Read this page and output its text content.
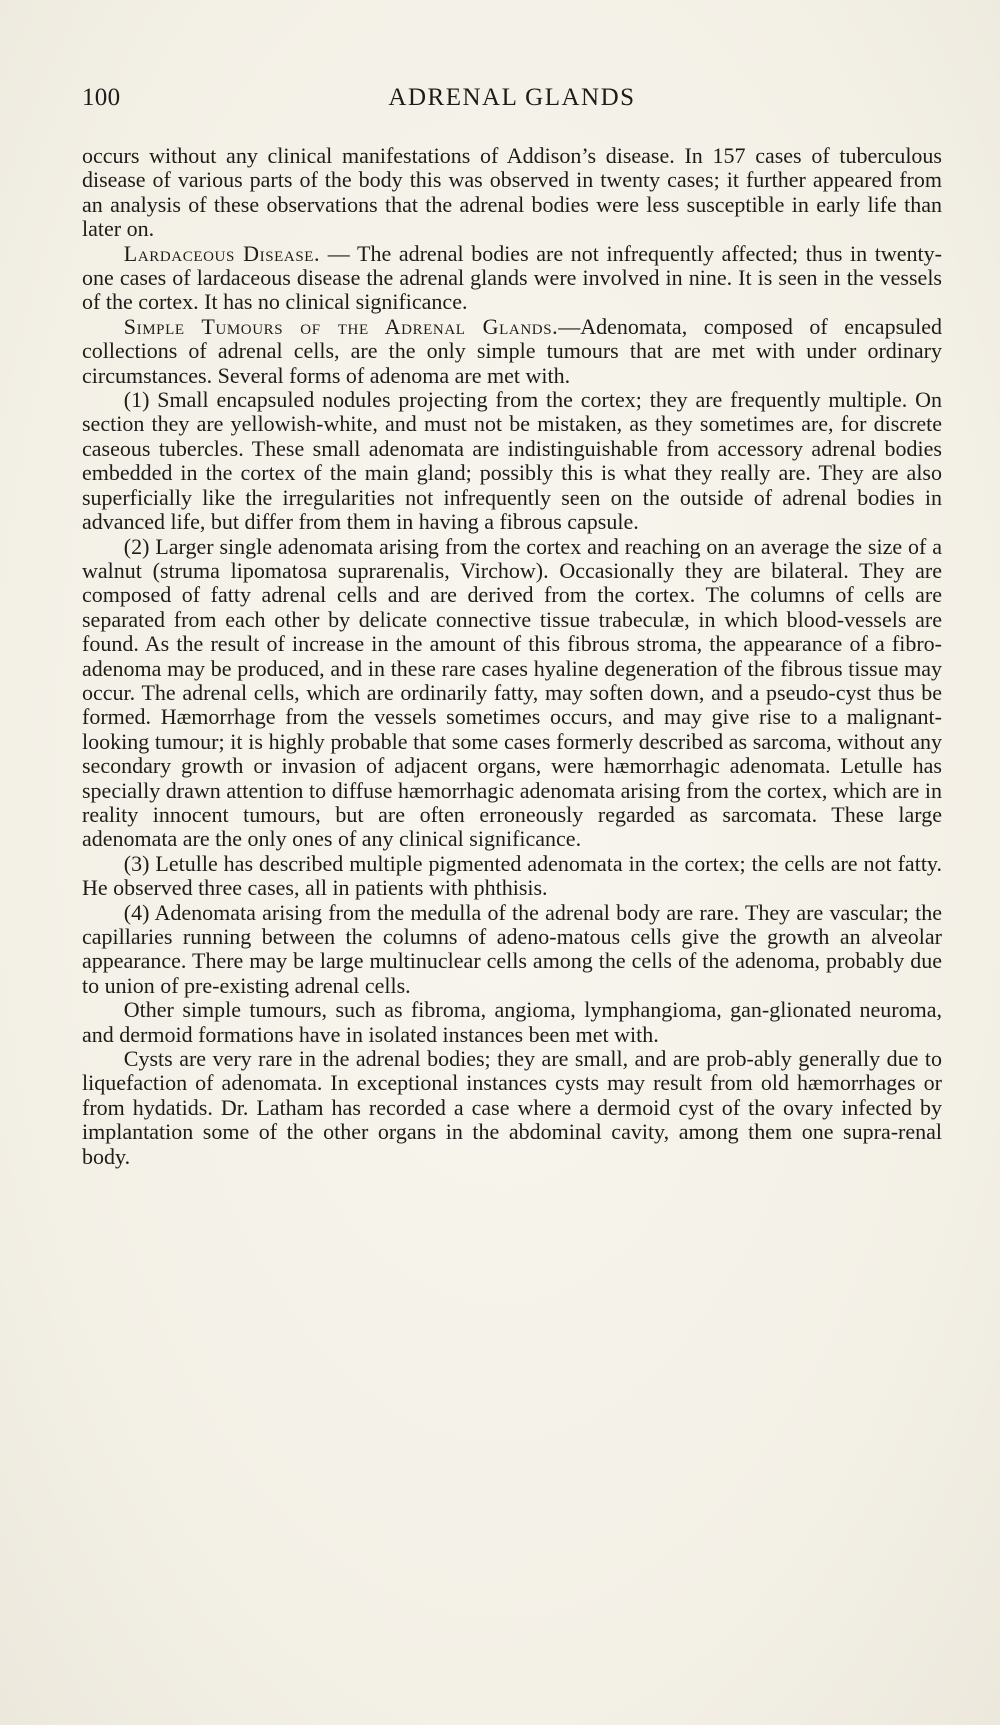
100	ADRENAL GLANDS

occurs without any clinical manifestations of Addison’s disease. In 157 cases of tuberculous disease of various parts of the body this was observed in twenty cases; it further appeared from an analysis of these observations that the adrenal bodies were less susceptible in early life than later on.

Lardaceous Disease. — The adrenal bodies are not infrequently affected; thus in twenty-one cases of lardaceous disease the adrenal glands were involved in nine. It is seen in the vessels of the cortex. It has no clinical significance.

Simple Tumours of the Adrenal Glands.—Adenomata, composed of encapsuled collections of adrenal cells, are the only simple tumours that are met with under ordinary circumstances. Several forms of adenoma are met with.

(1) Small encapsuled nodules projecting from the cortex; they are frequently multiple. On section they are yellowish-white, and must not be mistaken, as they sometimes are, for discrete caseous tubercles. These small adenomata are indistinguishable from accessory adrenal bodies embedded in the cortex of the main gland; possibly this is what they really are. They are also superficially like the irregularities not infrequently seen on the outside of adrenal bodies in advanced life, but differ from them in having a fibrous capsule.

(2) Larger single adenomata arising from the cortex and reaching on an average the size of a walnut (struma lipomatosa suprarenalis, Virchow). Occasionally they are bilateral. They are composed of fatty adrenal cells and are derived from the cortex. The columns of cells are separated from each other by delicate connective tissue trabeculæ, in which blood-vessels are found. As the result of increase in the amount of this fibrous stroma, the appearance of a fibro-adenoma may be produced, and in these rare cases hyaline degeneration of the fibrous tissue may occur. The adrenal cells, which are ordinarily fatty, may soften down, and a pseudo-cyst thus be formed. Hæmorrhage from the vessels sometimes occurs, and may give rise to a malignant-looking tumour; it is highly probable that some cases formerly described as sarcoma, without any secondary growth or invasion of adjacent organs, were hæmorrhagic adenomata. Letulle has specially drawn attention to diffuse hæmorrhagic adenomata arising from the cortex, which are in reality innocent tumours, but are often erroneously regarded as sarcomata. These large adenomata are the only ones of any clinical significance.

(3) Letulle has described multiple pigmented adenomata in the cortex; the cells are not fatty. He observed three cases, all in patients with phthisis.

(4) Adenomata arising from the medulla of the adrenal body are rare. They are vascular; the capillaries running between the columns of adeno-matous cells give the growth an alveolar appearance. There may be large multinuclear cells among the cells of the adenoma, probably due to union of pre-existing adrenal cells.

Other simple tumours, such as fibroma, angioma, lymphangioma, gan-glionated neuroma, and dermoid formations have in isolated instances been met with.

Cysts are very rare in the adrenal bodies; they are small, and are prob-ably generally due to liquefaction of adenomata. In exceptional instances cysts may result from old hæmorrhages or from hydatids. Dr. Latham has recorded a case where a dermoid cyst of the ovary infected by implantation some of the other organs in the abdominal cavity, among them one supra-renal body.
